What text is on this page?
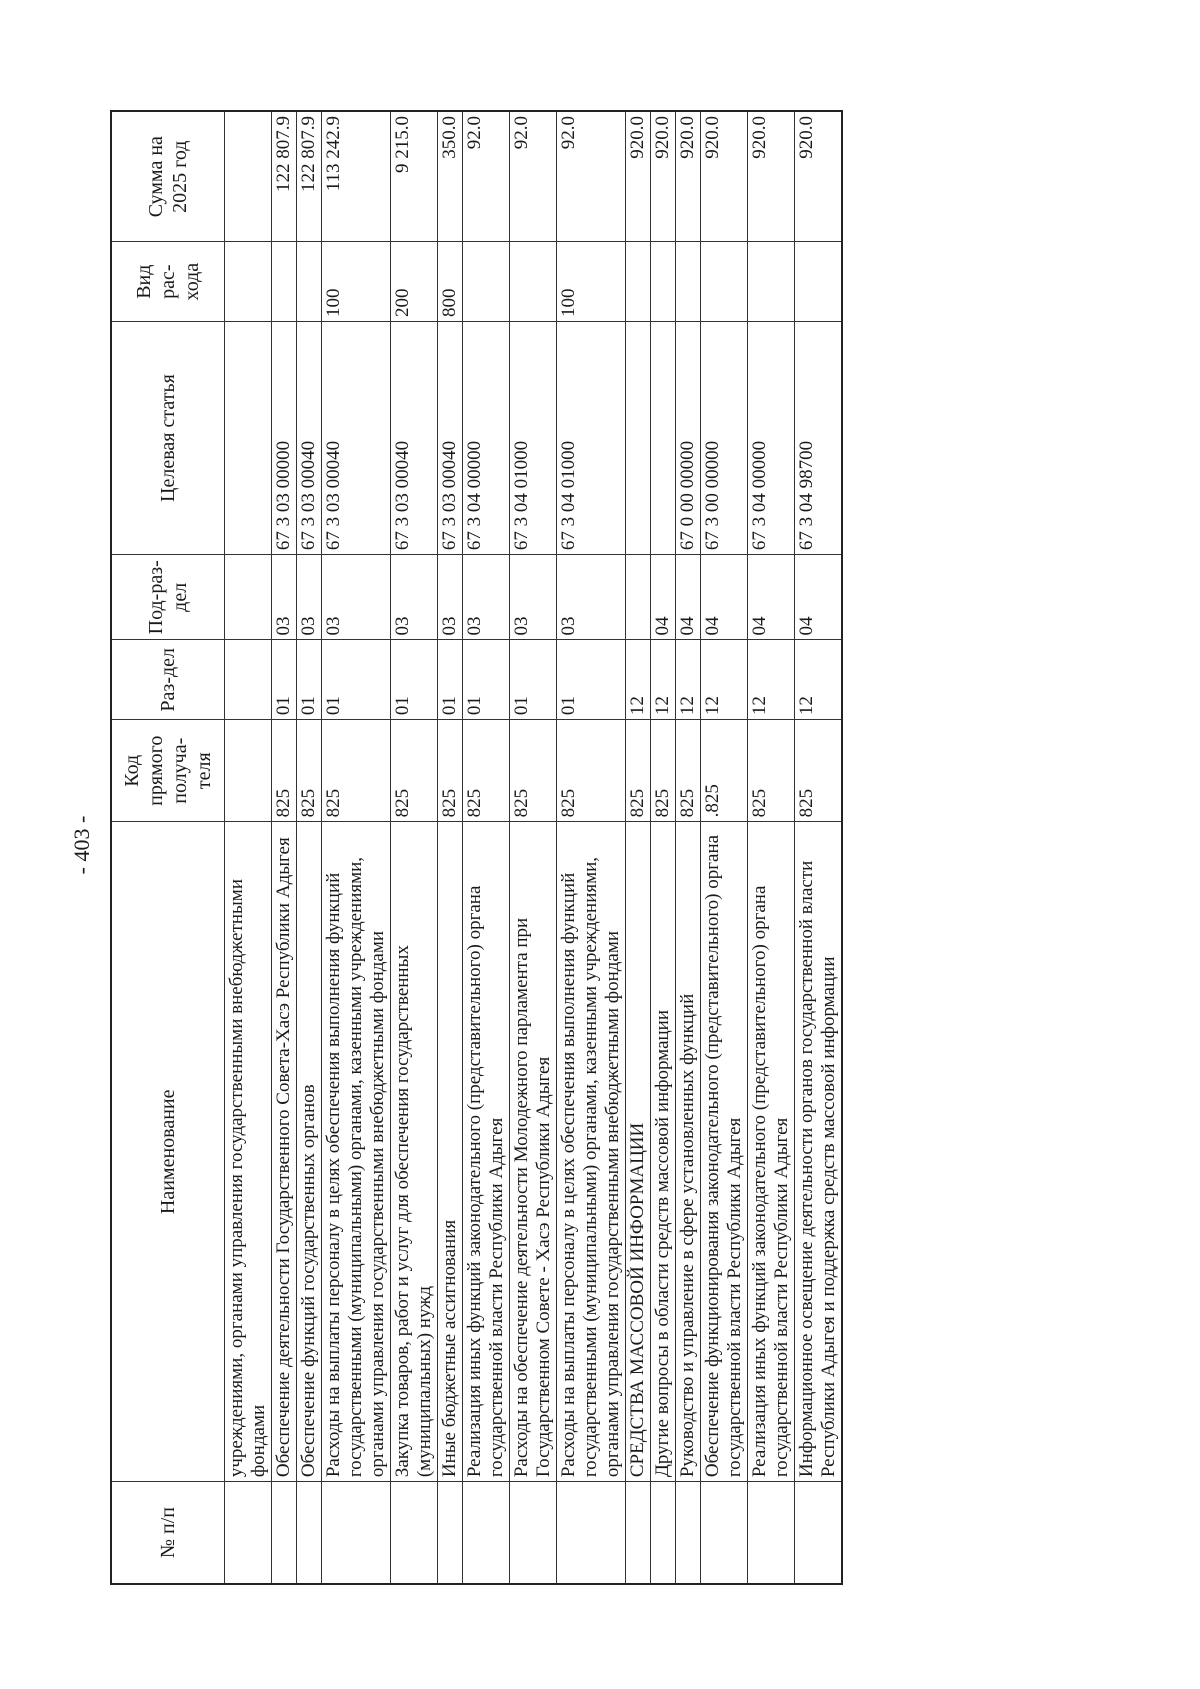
- 403 -
№ п/п	Наименование	Код прямого получа-теля	Раз-дел	Под-раз-дел	Целевая статья	Вид рас-хода	Сумма на 2025 год
	учреждениями, органами управления государственными внебюджетными фондами						
	Обеспечение деятельности Государственного Совета-Хасэ Республики Адыгея	825	01	03	67 3 03 00000		122 807.9
	Обеспечение функций государственных органов	825	01	03	67 3 03 00040		122 807.9
	Расходы на выплаты персоналу в целях обеспечения выполнения функций государственными (муниципальными) органами, казенными учреждениями, органами управления государственными внебюджетными фондами	825	01	03	67 3 03 00040	100	113 242.9
	Закупка товаров, работ и услуг для обеспечения государственных (муниципальных) нужд	825	01	03	67 3 03 00040	200	9 215.0
	Иные бюджетные ассигнования	825	01	03	67 3 03 00040	800	350.0
	Реализация иных функций законодательного (представительного) органа государственной власти Республики Адыгея	825	01	03	67 3 04 00000		92.0
	Расходы на обеспечение деятельности Молодежного парламента при Государственном Совете - Хасэ Республики Адыгея	825	01	03	67 3 04 01000		92.0
	Расходы на выплаты персоналу в целях обеспечения выполнения функций государственными (муниципальными) органами, казенными учреждениями, органами управления государственными внебюджетными фондами	825	01	03	67 3 04 01000	100	92.0
	СРЕДСТВА МАССОВОЙ ИНФОРМАЦИИ	825	12				920.0
	Другие вопросы в области средств массовой информации	825	12	04			920.0
	Руководство и управление в сфере установленных функций	825	12	04	67 0 00 00000		920.0
	Обеспечение функционирования законодательного (представительного) органа государственной власти Республики Адыгея	.825	12	04	67 3 00 00000		920.0
	Реализация иных функций законодательного (представительного) органа государственной власти Республики Адыгея	825	12	04	67 3 04 00000		920.0
	Информационное освещение деятельности органов государственной власти Республики Адыгея и поддержка средств массовой информации	825	12	04	67 3 04 98700		920.0
